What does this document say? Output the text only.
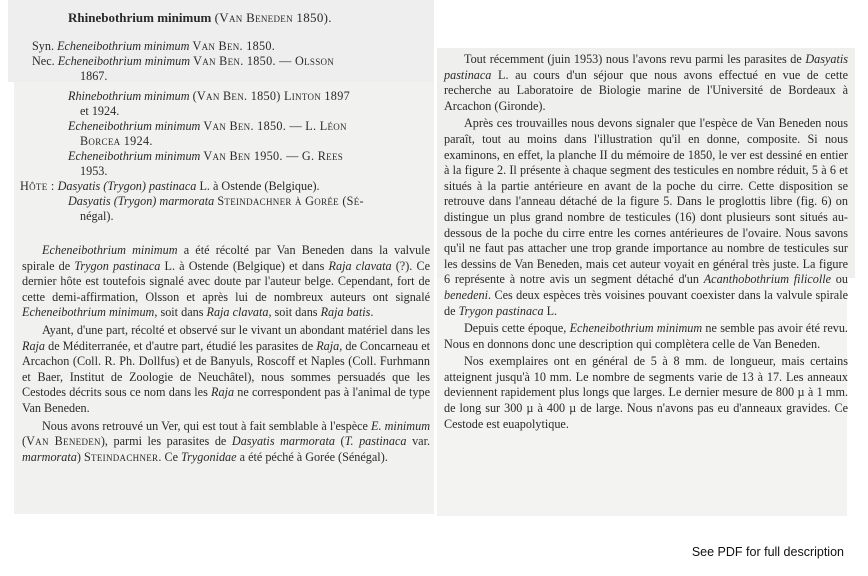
Rhinebothrium minimum (Van Beneden 1850).
Syn. Echeneibothrium minimum Van Ben. 1850.
Nec. Echeneibothrium minimum Van Ben. 1850. — Olsson
1867.
Rhinebothrium minimum (Van Ben. 1850) Linton 1897
et 1924.
Echeneibothrium minimum Van Ben. 1850. — L. Léon
Borcea 1924.
Echeneibothrium minimum Van Ben 1950. — G. Rees
1953.
Hôte : Dasyatis (Trygon) pastinaca L. à Ostende (Belgique).
Dasyatis (Trygon) marmorata Steindachner à Gorée (Sé-
négal).

Echeneibothrium minimum a été récolté par Van Beneden dans la valvule spirale de Trygon pastinaca L. à Ostende (Belgique) et dans Raja clavata (?). Ce dernier hôte est toutefois signalé avec doute par l'auteur belge. Cependant, fort de cette demi-affirmation, Olsson et après lui de nombreux auteurs ont signalé Echeneibothrium minimum, soit dans Raja clavata, soit dans Raja batis.

Ayant, d'une part, récolté et observé sur le vivant un abondant matériel dans les Raja de Méditerranée, et d'autre part, étudié les parasites de Raja, de Concarneau et Arcachon (Coll. R. Ph. Dollfus) et de Banyuls, Roscoff et Naples (Coll. Furhmann et Baer, Institut de Zoologie de Neuchâtel), nous sommes persuadés que les Cestodes décrits sous ce nom dans les Raja ne correspondent pas à l'animal de type Van Beneden.

Nous avons retrouvé un Ver, qui est tout à fait semblable à l'espèce E. minimum (Van Beneden), parmi les parasites de Dasyatis marmorata (T. pastinaca var. marmorata) Steindachner. Ce Trygonidae a été péché à Gorée (Sénégal).

Tout récemment (juin 1953) nous l'avons revu parmi les parasites de Dasyatis pastinaca L. au cours d'un séjour que nous avons effectué en vue de cette recherche au Laboratoire de Biologie marine de l'Université de Bordeaux à Arcachon (Gironde).

Après ces trouvailles nous devons signaler que l'espèce de Van Beneden nous paraît, tout au moins dans l'illustration qu'il en donne, composite. Si nous examinons, en effet, la planche II du mémoire de 1850, le ver est dessiné en entier à la figure 2. Il présente à chaque segment des testicules en nombre réduit, 5 à 6 et situés à la partie antérieure en avant de la poche du cirre. Cette disposition se retrouve dans l'anneau détaché de la figure 5. Dans le proglottis libre (fig. 6) on distingue un plus grand nombre de testicules (16) dont plusieurs sont situés au-dessous de la poche du cirre entre les cornes antérieures de l'ovaire. Nous savons qu'il ne faut pas attacher une trop grande importance au nombre de testicules sur les dessins de Van Beneden, mais cet auteur voyait en général très juste. La figure 6 représente à notre avis un segment détaché d'un Acanthobothrium filicolle ou benedeni. Ces deux espèces très voisines pouvant coexister dans la valvule spirale de Trygon pastinaca L.

Depuis cette époque, Echeneibothrium minimum ne semble pas avoir été revu. Nous en donnons donc une description qui complètera celle de Van Beneden.

Nos exemplaires ont en général de 5 à 8 mm. de longueur, mais certains atteignent jusqu'à 10 mm. Le nombre de segments varie de 13 à 17. Les anneaux deviennent rapidement plus longs que larges. Le dernier mesure de 800 µ à 1 mm. de long sur 300 µ à 400 µ de large. Nous n'avons pas eu d'anneaux gravides. Ce Cestode est euapolytique.

See PDF for full description
